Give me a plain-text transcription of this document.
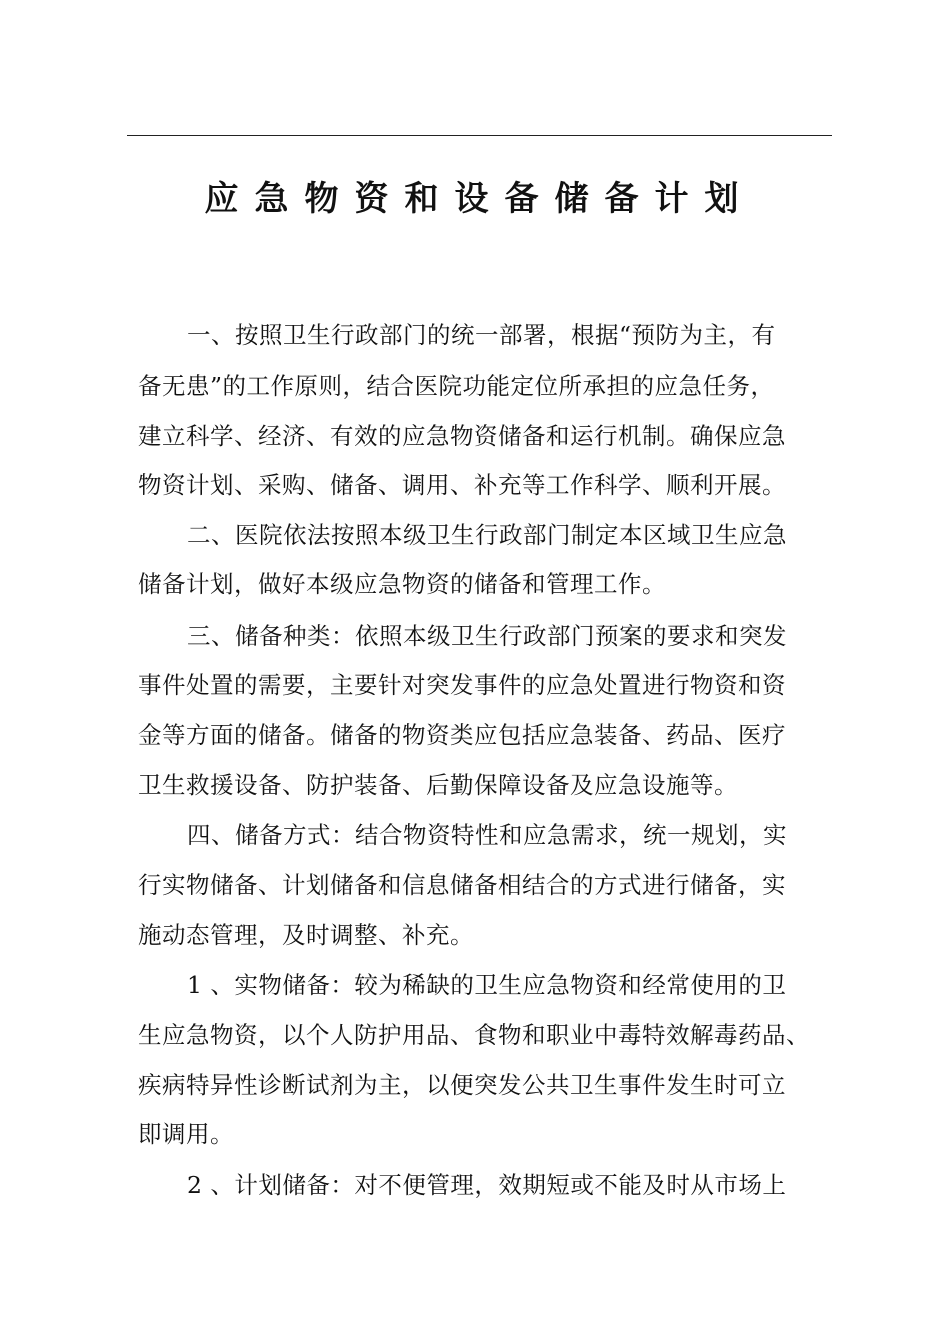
应急物资和设备储备计划
一、按照卫生行政部门的统一部署，根据“预防为主，有
备无患”的工作原则，结合医院功能定位所承担的应急任务，
建立科学、经济、有效的应急物资储备和运行机制。确保应急
物资计划、采购、储备、调用、补充等工作科学、顺利开展。
二、医院依法按照本级卫生行政部门制定本区域卫生应急
储备计划，做好本级应急物资的储备和管理工作。
三、储备种类：依照本级卫生行政部门预案的要求和突发
事件处置的需要，主要针对突发事件的应急处置进行物资和资
金等方面的储备。储备的物资类应包括应急装备、药品、医疗
卫生救援设备、防护装备、后勤保障设备及应急设施等。
四、储备方式：结合物资特性和应急需求，统一规划，实
行实物储备、计划储备和信息储备相结合的方式进行储备，实
施动态管理，及时调整、补充。
1 、实物储备：较为稀缺的卫生应急物资和经常使用的卫
生应急物资，以个人防护用品、食物和职业中毒特效解毒药品、
疾病特异性诊断试剂为主，以便突发公共卫生事件发生时可立
即调用。
2 、计划储备：对不便管理，效期短或不能及时从市场上
